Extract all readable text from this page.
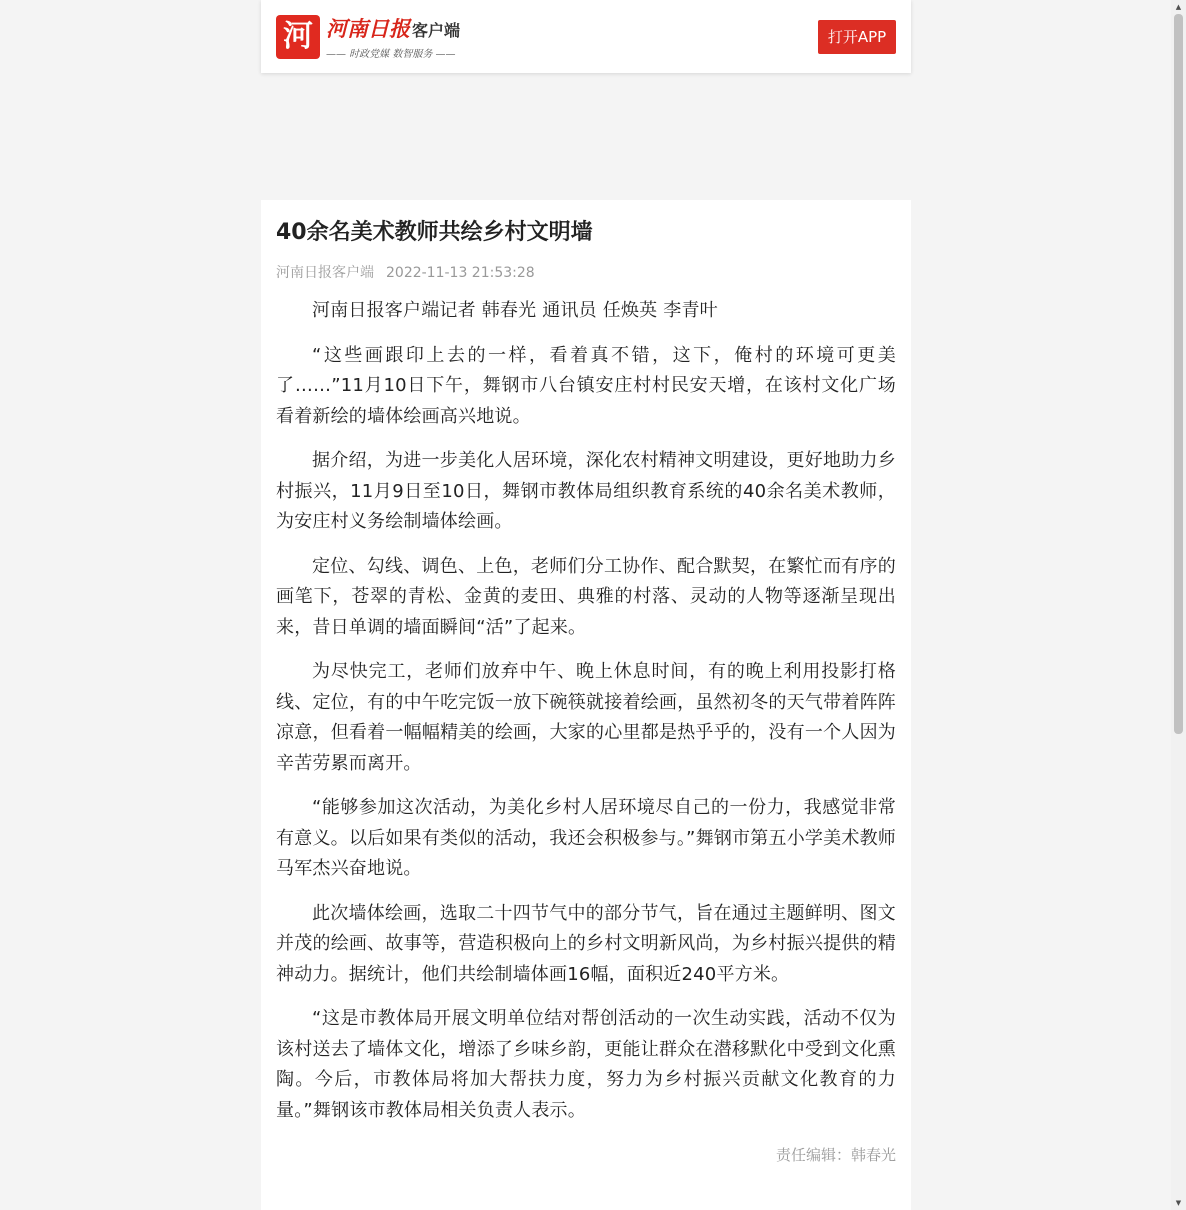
河 河南日报 客户端
—— 时政党媒 数智服务 ——
打开APP
40余名美术教师共绘乡村文明墙
河南日报客户端 2022-11-13 21:53:28

河南日报客户端记者 韩春光 通讯员 任焕英 李青叶

“这些画跟印上去的一样，看着真不错，这下，俺村的环境可更美了……”11月10日下午，舞钢市八台镇安庄村村民安天增，在该村文化广场看着新绘的墙体绘画高兴地说。

据介绍，为进一步美化人居环境，深化农村精神文明建设，更好地助力乡村振兴，11月9日至10日，舞钢市教体局组织教育系统的40余名美术教师，为安庄村义务绘制墙体绘画。

定位、勾线、调色、上色，老师们分工协作、配合默契，在繁忙而有序的画笔下，苍翠的青松、金黄的麦田、典雅的村落、灵动的人物等逐渐呈现出来，昔日单调的墙面瞬间“活”了起来。

为尽快完工，老师们放弃中午、晚上休息时间，有的晚上利用投影打格线、定位，有的中午吃完饭一放下碗筷就接着绘画，虽然初冬的天气带着阵阵凉意，但看着一幅幅精美的绘画，大家的心里都是热乎乎的，没有一个人因为辛苦劳累而离开。

“能够参加这次活动，为美化乡村人居环境尽自己的一份力，我感觉非常有意义。以后如果有类似的活动，我还会积极参与。”舞钢市第五小学美术教师马军杰兴奋地说。

此次墙体绘画，选取二十四节气中的部分节气，旨在通过主题鲜明、图文并茂的绘画、故事等，营造积极向上的乡村文明新风尚，为乡村振兴提供的精神动力。据统计，他们共绘制墙体画16幅，面积近240平方米。

“这是市教体局开展文明单位结对帮创活动的一次生动实践，活动不仅为该村送去了墙体文化，增添了乡味乡韵，更能让群众在潜移默化中受到文化熏陶。今后，市教体局将加大帮扶力度，努力为乡村振兴贡献文化教育的力量。”舞钢该市教体局相关负责人表示。

责任编辑：韩春光
▲
▼
